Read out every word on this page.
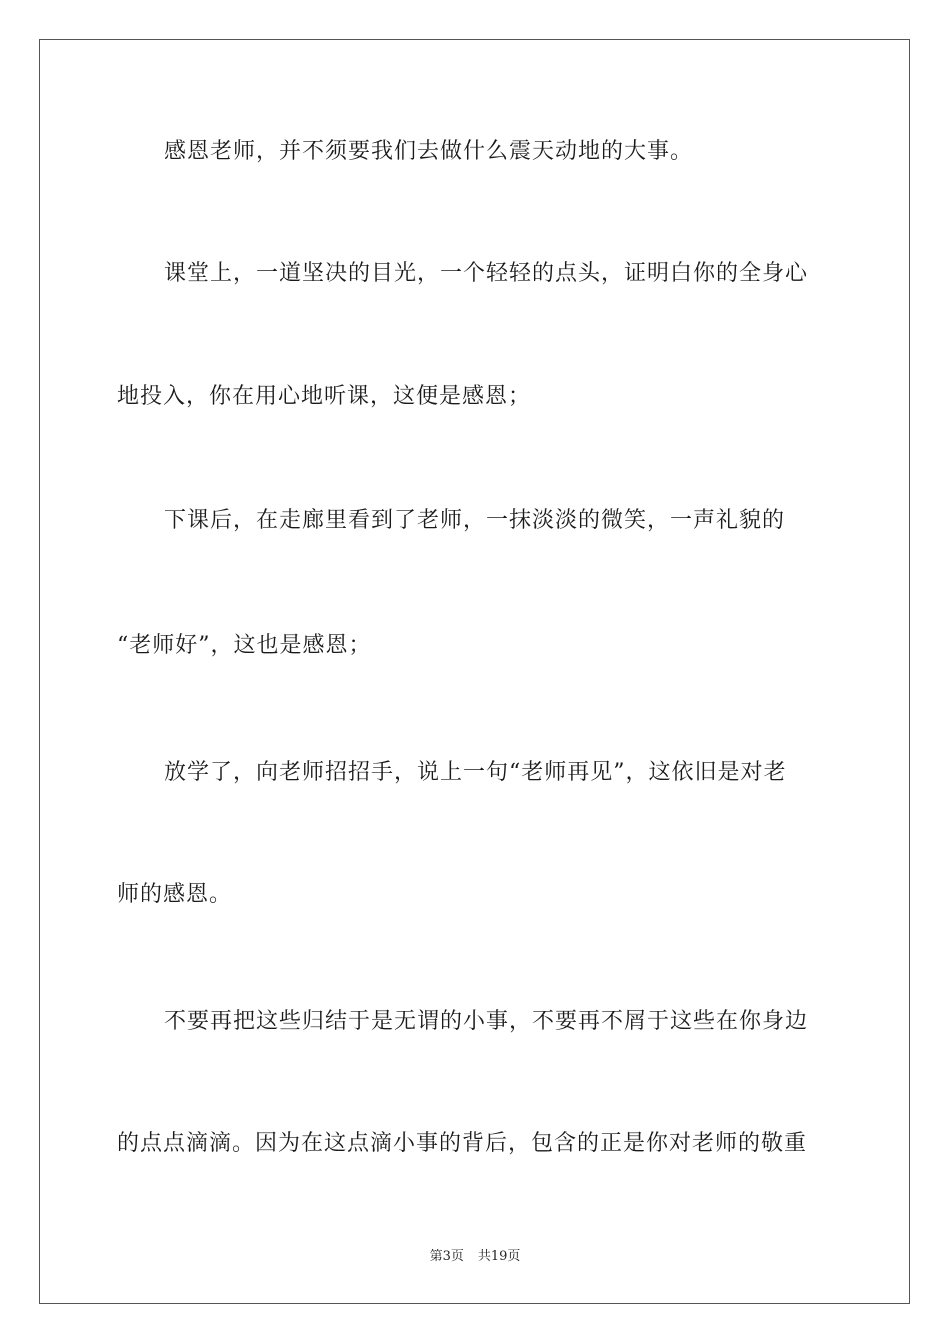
感恩老师，并不须要我们去做什么震天动地的大事。
课堂上，一道坚决的目光，一个轻轻的点头，证明白你的全身心
地投入，你在用心地听课，这便是感恩；
下课后，在走廊里看到了老师，一抹淡淡的微笑，一声礼貌的
“老师好”，这也是感恩；
放学了，向老师招招手，说上一句“老师再见”，这依旧是对老
师的感恩。
不要再把这些归结于是无谓的小事，不要再不屑于这些在你身边
的点点滴滴。因为在这点滴小事的背后，包含的正是你对老师的敬重
第3页 共19页
